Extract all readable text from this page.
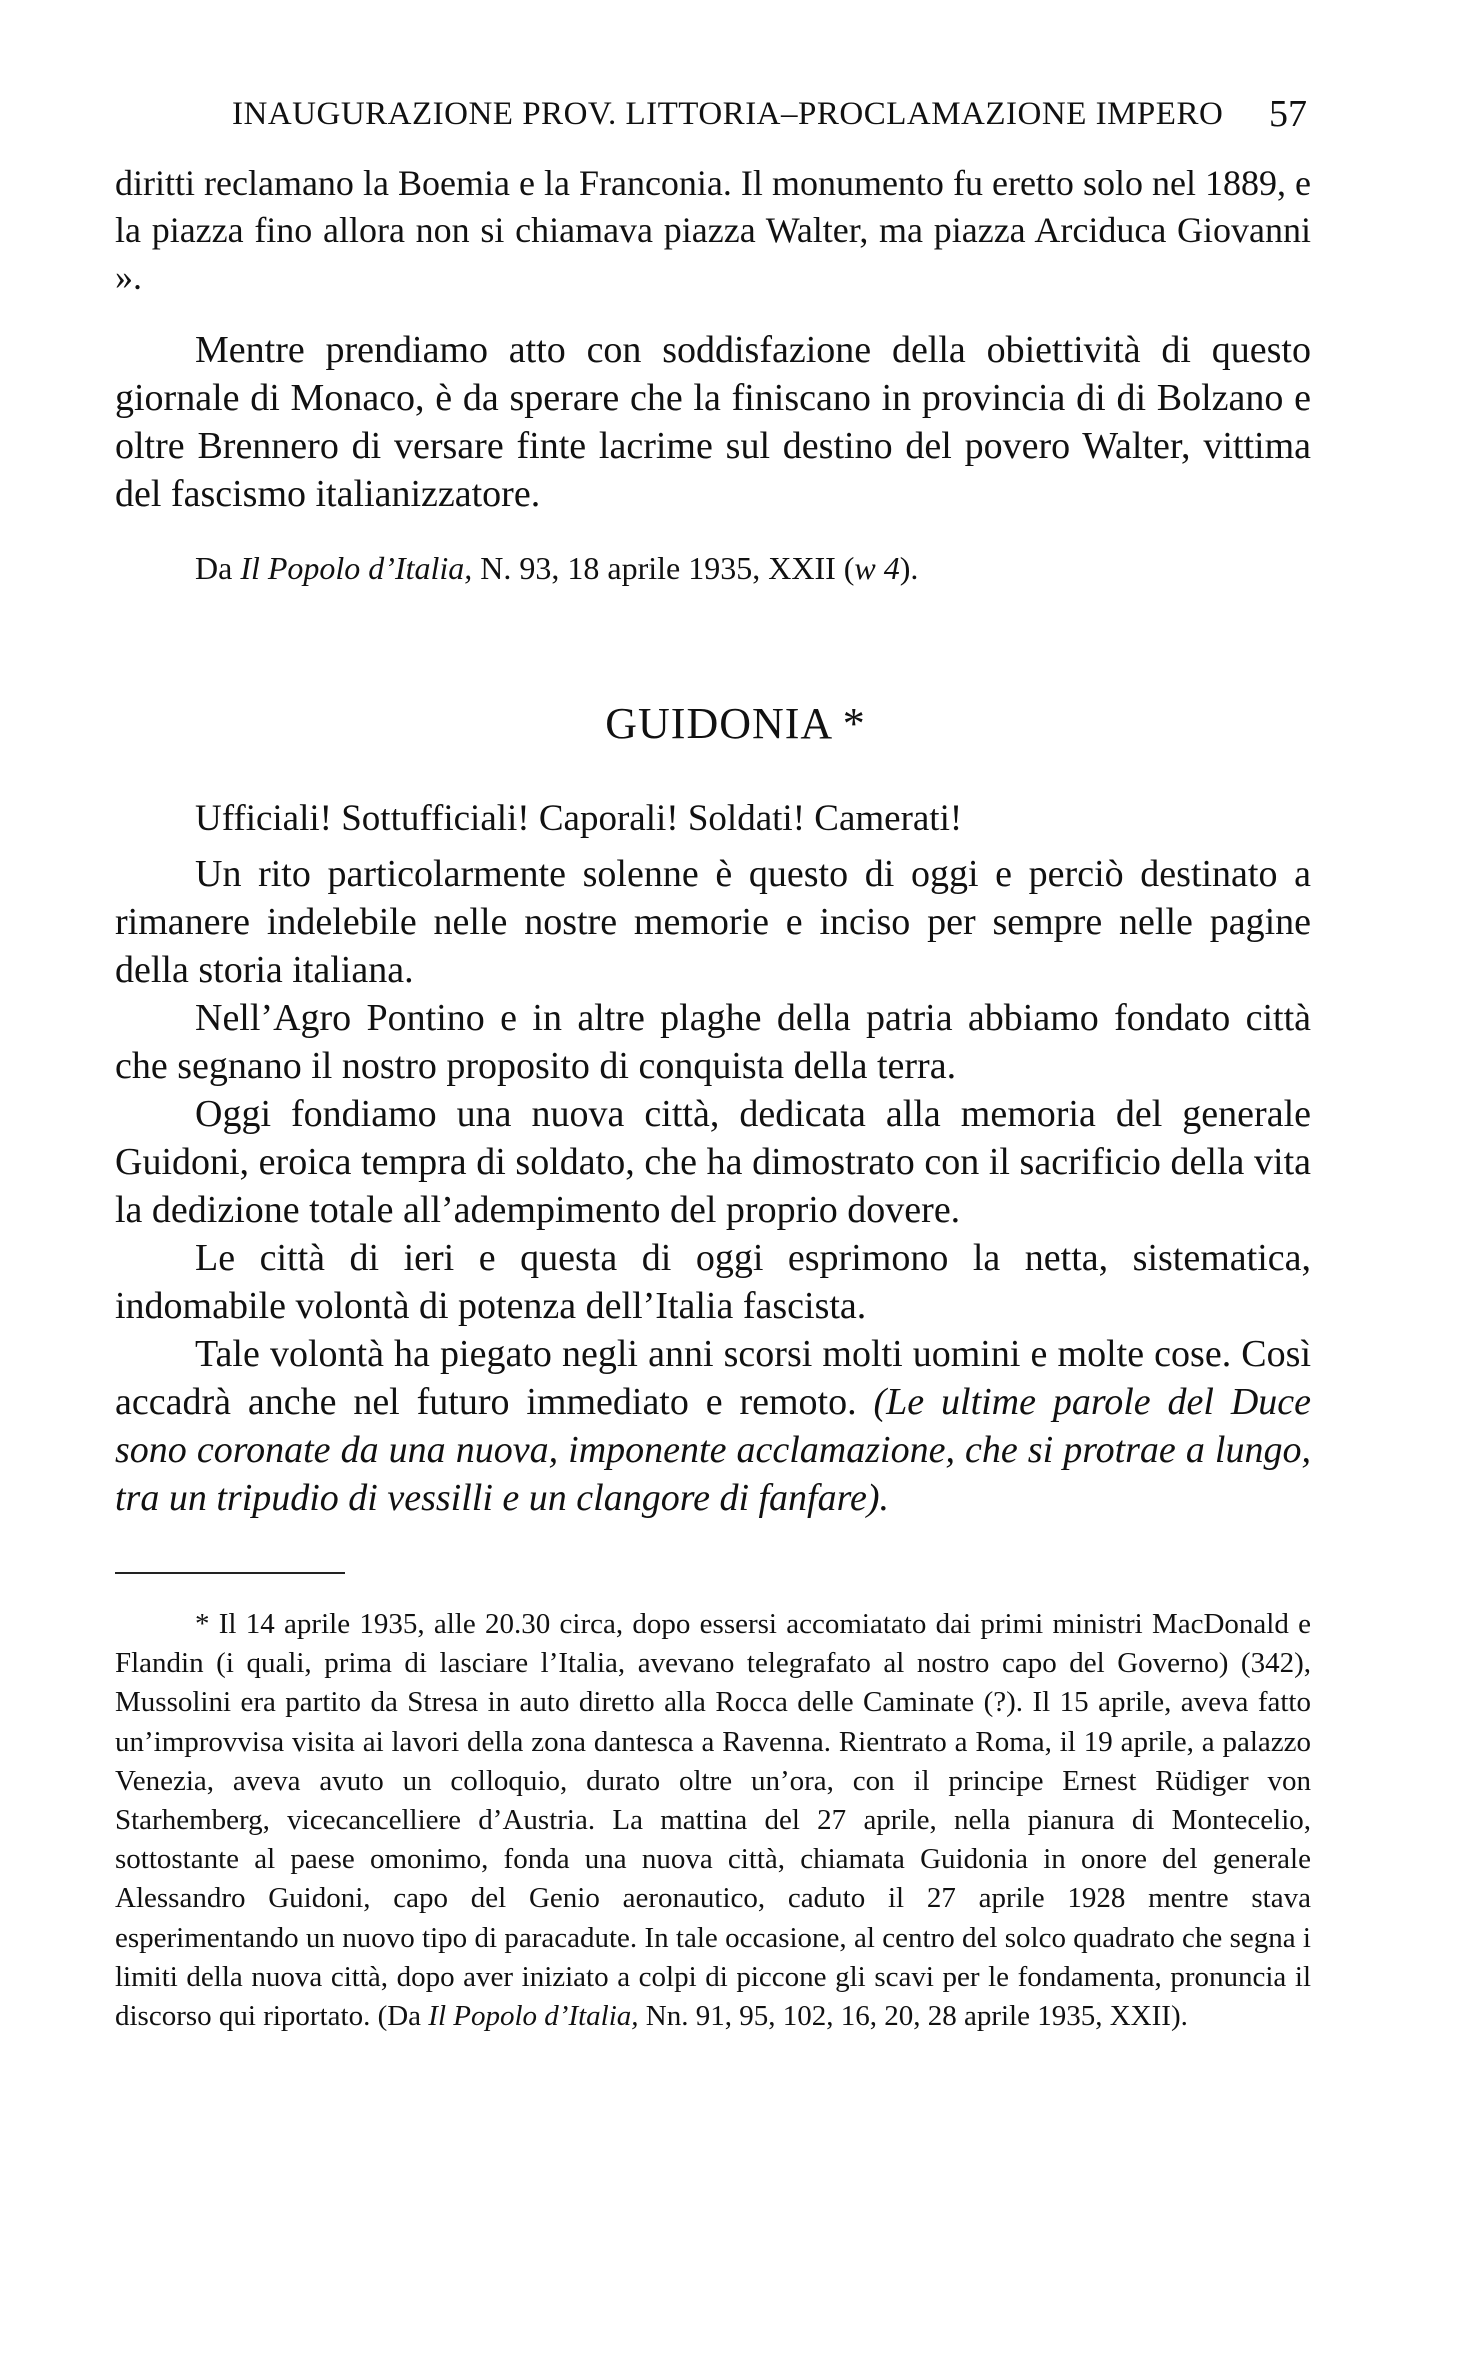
INAUGURAZIONE PROV. LITTORIA–PROCLAMAZIONE IMPERO 57

diritti reclamano la Boemia e la Franconia. Il monumento fu eretto solo nel 1889, e la piazza fino allora non si chiamava piazza Walter, ma piazza Arciduca Giovanni ».

Mentre prendiamo atto con soddisfazione della obiettività di questo giornale di Monaco, è da sperare che la finiscano in provincia di di Bolzano e oltre Brennero di versare finte lacrime sul destino del povero Walter, vittima del fascismo italianizzatore.

Da Il Popolo d’Italia, N. 93, 18 aprile 1935, XXII (w 4).
GUIDONIA *
Ufficiali! Sottufficiali! Caporali! Soldati! Camerati!

Un rito particolarmente solenne è questo di oggi e perciò destinato a rimanere indelebile nelle nostre memorie e inciso per sempre nelle pagine della storia italiana.

Nell’Agro Pontino e in altre plaghe della patria abbiamo fondato città che segnano il nostro proposito di conquista della terra.

Oggi fondiamo una nuova città, dedicata alla memoria del generale Guidoni, eroica tempra di soldato, che ha dimostrato con il sacrificio della vita la dedizione totale all’adempimento del proprio dovere.

Le città di ieri e questa di oggi esprimono la netta, sistematica, indomabile volontà di potenza dell’Italia fascista.

Tale volontà ha piegato negli anni scorsi molti uomini e molte cose. Così accadrà anche nel futuro immediato e remoto. (Le ultime parole del Duce sono coronate da una nuova, imponente acclamazione, che si protrae a lungo, tra un tripudio di vessilli e un clangore di fanfare).

* Il 14 aprile 1935, alle 20.30 circa, dopo essersi accomiatato dai primi ministri MacDonald e Flandin (i quali, prima di lasciare l’Italia, avevano telegrafato al nostro capo del Governo) (342), Mussolini era partito da Stresa in auto diretto alla Rocca delle Caminate (?). Il 15 aprile, aveva fatto un’improvvisa visita ai lavori della zona dantesca a Ravenna. Rientrato a Roma, il 19 aprile, a palazzo Venezia, aveva avuto un colloquio, durato oltre un’ora, con il principe Ernest Rüdiger von Starhemberg, vicecancelliere d’Austria. La mattina del 27 aprile, nella pianura di Montecelio, sottostante al paese omonimo, fonda una nuova città, chiamata Guidonia in onore del generale Alessandro Guidoni, capo del Genio aeronautico, caduto il 27 aprile 1928 mentre stava esperimentando un nuovo tipo di paracadute. In tale occasione, al centro del solco quadrato che segna i limiti della nuova città, dopo aver iniziato a colpi di piccone gli scavi per le fondamenta, pronuncia il discorso qui riportato. (Da Il Popolo d’Italia, Nn. 91, 95, 102, 16, 20, 28 aprile 1935, XXII).
